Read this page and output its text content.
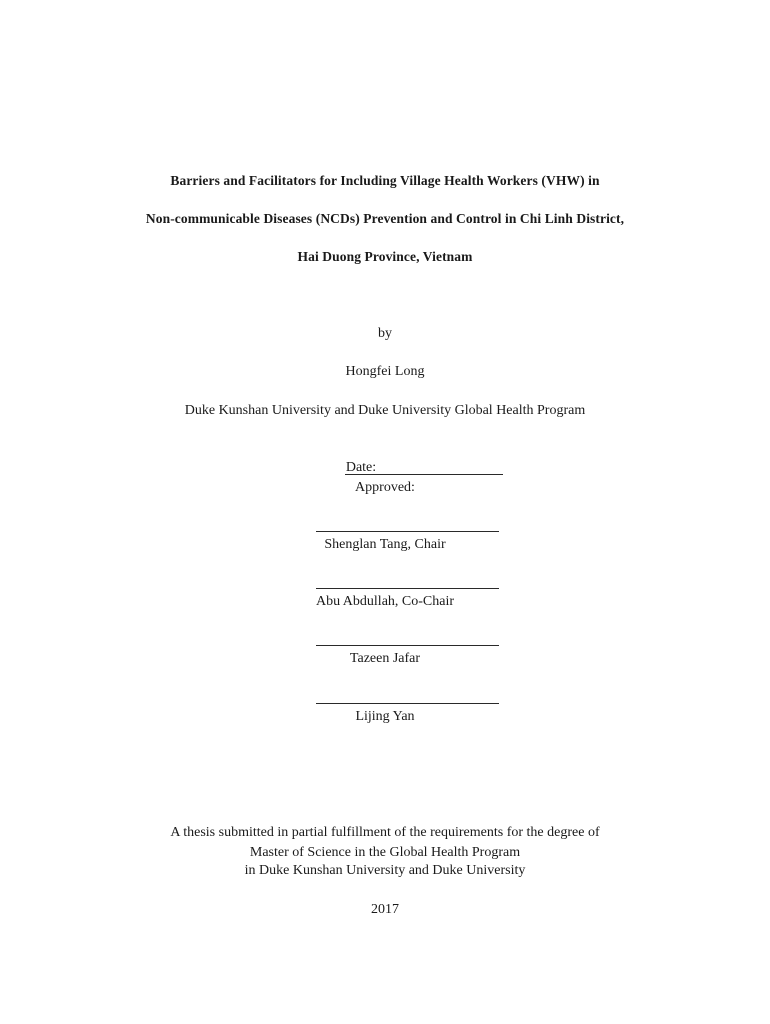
Barriers and Facilitators for Including Village Health Workers (VHW) in
Non-communicable Diseases (NCDs) Prevention and Control in Chi Linh District,
Hai Duong Province, Vietnam
by
Hongfei Long
Duke Kunshan University and Duke University Global Health Program
Date:
Approved:
Shenglan Tang, Chair
Abu Abdullah, Co-Chair
Tazeen Jafar
Lijing Yan
A thesis submitted in partial fulfillment of the requirements for the degree of
Master of Science in the Global Health Program
in Duke Kunshan University and Duke University
2017
